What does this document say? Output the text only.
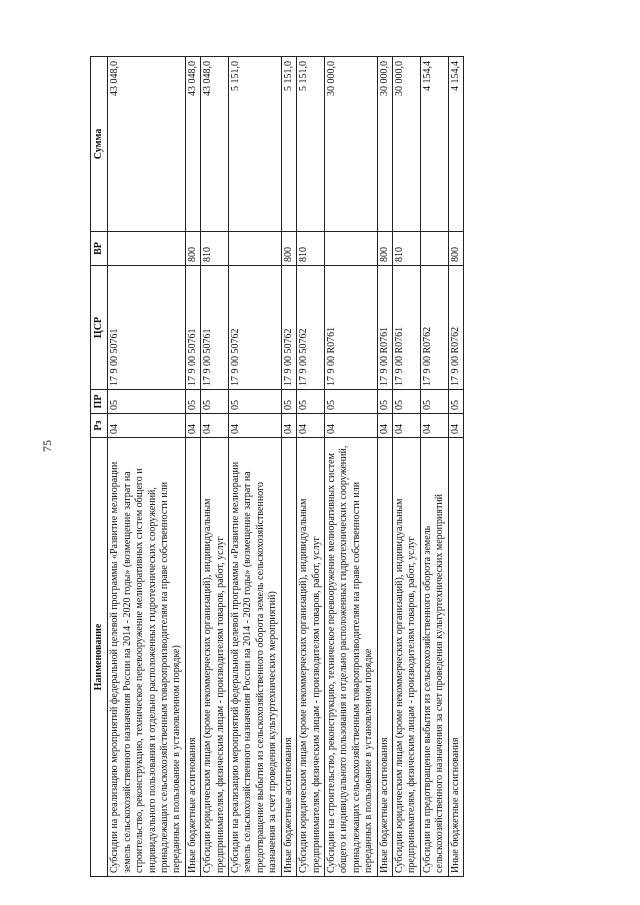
75
Наименование	Рз	ПР	ЦСР	ВР	Сумма
Субсидии на реализацию мероприятий федеральной целевой программы «Развитие мелиорации земель сельскохозяйственного назначения России на 2014 - 2020 годы» (возмещение затрат на строительство, реконструкцию, техническое перевооружение мелиоративных систем общего и индивидуального пользования и отдельно расположенных гидротехнических сооружений, принадлежащих сельскохозяйственным товаропроизводителям на праве собственности или переданных в пользование в установленном порядке)	04	05	17 9 00 50761		43 048,0
Иные бюджетные ассигнования	04	05	17 9 00 50761	800	43 048,0
Субсидии юридическим лицам (кроме некоммерческих организаций), индивидуальным предпринимателям, физическим лицам - производителям товаров, работ, услуг	04	05	17 9 00 50761	810	43 048,0
Субсидии на реализацию мероприятий федеральной целевой программы «Развитие мелиорации земель сельскохозяйственного назначения России на 2014 - 2020 годы» (возмещение затрат на предотвращение выбытия из сельскохозяйственного оборота земель сельскохозяйственного назначения за счет проведения культуртехнических мероприятий)	04	05	17 9 00 50762		5 151,0
Иные бюджетные ассигнования	04	05	17 9 00 50762	800	5 151,0
Субсидии юридическим лицам (кроме некоммерческих организаций), индивидуальным предпринимателям, физическим лицам - производителям товаров, работ, услуг	04	05	17 9 00 50762	810	5 151,0
Субсидии на строительство, реконструкцию, техническое перевооружение мелиоративных систем общего и индивидуального пользования и отдельно расположенных гидротехнических сооружений, принадлежащих сельскохозяйственным товаропроизводителям на праве собственности или переданных в пользование в установленном порядке	04	05	17 9 00 R0761		30 000,0
Иные бюджетные ассигнования	04	05	17 9 00 R0761	800	30 000,0
Субсидии юридическим лицам (кроме некоммерческих организаций), индивидуальным предпринимателям, физическим лицам - производителям товаров, работ, услуг	04	05	17 9 00 R0761	810	30 000,0
Субсидии на предотвращение выбытия из сельскохозяйственного оборота земель сельскохозяйственного назначения за счет проведения культуртехнических мероприятий	04	05	17 9 00 R0762		4 154,4
Иные бюджетные ассигнования	04	05	17 9 00 R0762	800	4 154,4
